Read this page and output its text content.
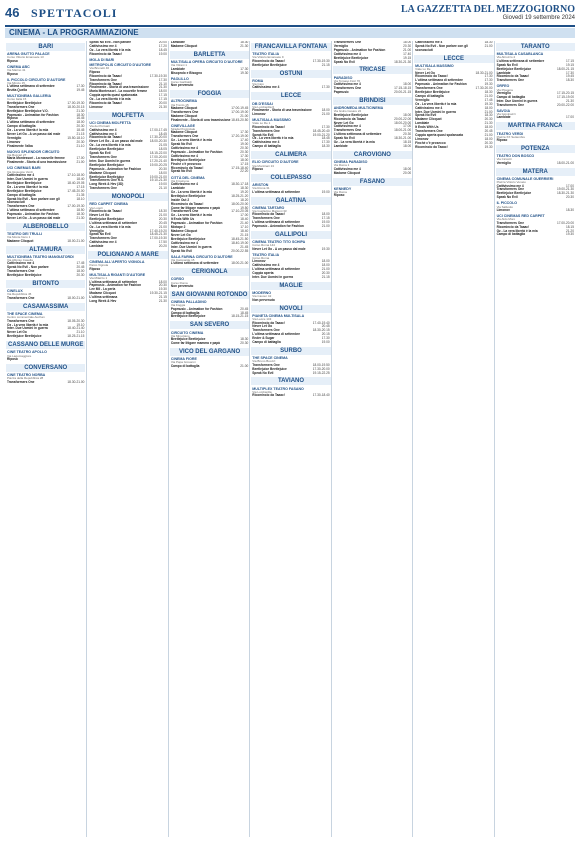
46 SPETTACOLI	LA GAZZETTA DEL MEZZOGIORNO
Giovedì 19 settembre 2024
CINEMA - LA PROGRAMMAZIONE
BARI
ARENA GIUTTO PALACE
Corso Vittorio Emanuele 13
Riposo
CINEMA ABC
Via Marino 41
Riposo
IL PICCOLO CIRCUITO D'AUTORE
Via Mincio 15
L'ultima settimana di settembre	17.30
Brutta Quella	19.45
MULTICINEMA GALLERIA
Corso Italia 15
Beetlejuice Beetlejuice	17.00-19.30
Transformers One	18.00-20.15
Beetlejuice Beetlejuice V.O.	21.30
Papmusic - Animation for Fashion	18.30
Riposo	16.45
L'ultima settimana di settembre	18.00
Campo di battaglia	20.30
Oz - La vera libertà è la mia	18.45
Never Let Go - A un passo dal male	21.15
Vermiglio	15.50-18.10
Limonov	20.30
Finalmente l'alba	21.10
NUOVO SPLENDOR CIRCUITO
Via Buccari 27
Maria Montessori - La nouvelle femme	17.00
Finalmente - Storia di una trasmissione	21.00
UCI CINEMAS BARI
Via Giuseppe Verdi
Cattivissimo me 4	17.10-18.00
Inter. Due Uomini in guerra	18.40
Beetlejuice Beetlejuice	18.40-19.05
Oz - La vera libertà è la mia	17.15
Beetlejuice Beetlejuice	17.45-20.00
Campo di battaglia	21.35
Speak No Evil - Non parlare con gli sconosciuti
18.10
Transformers One	17.00-19.30
L'ultima settimana di settembre	18.50
Papmusic - Animation for Fashion	18.30
Never Let Go - A un passo dal male	21.30
ALBEROBELLO
TEATRO DEI TRULLI
Via Monte Nero 1
Madame Clicquot	18.00-21.00
ALTAMURA
MULTICINEMA TEATRO MANGIATORDI
Via Alfonso Casella
Cattivissimo me 4	17.45
Speak No Evil - Non parlare	20.45
Transformers One	18.00
Beetlejuice Beetlejuice	20.30
BITONTO
CINELUX
Via Repubblica 45
Transformers One	18.00-21.00
CASAMASSIMA
THE SPACE CINEMA
Centro commerciale Auchan
Transformers One	18.05-20.30
Oz - La vera libertà è la mia	19.10
Inter. Due Uomini in guerra	18.40-21.40
Never Let Go	21.10
Beetlejuice Beetlejuice	18.25-21.15
CASSANO DELLE MURGE
CINE TEATRO APOLLO
Via Lagomaggiore
Riposo
CONVERSANO
CINE TEATRO NORBA
Piazza della Repubblica 28
Transformers One	18.30-21.00
Speak No Evil - Non parlare	20.00
Cattivissimo me 4	17.20
Oz - La vera libertà è la mia	18.45
Ricomincio da Taaac!	19.00
MOLA DI BARI
METROPOLIS CIRCUITO D'AUTORE
Via Brunetti 46
Riposo
Ricomincio da Taaac!	17.30-19.30
Transformers One	17.30
Ricomincio da Taaac!	21.10
Finalmente - Storia di una trasmissione	21.30
Maria Montessori - La nouvelle femme	18.00
Coppia aperta quasi spalancata	17.15
Oz - La vera libertà è la mia	17.15
Ricomincio da Taaac!	20.00
Limonov	21.30
MOLFETTA
UCI CINEMA MOLFETTA
Via dei Portuali
Cattivissimo me 4	17.00-17.45
Cattivissimo me 4	18.45
Ricomincio da Taaac!	17.30-20.00
Never Let Go - A un passo dal male 18.00-20.30
Oz - La vera libertà è la mia	21.05
Beetlejuice Beetlejuice	18.05
Speak No Evil	18.15-22.00
Transformers One	17.00-20.00
Inter. Due Uomini in guerra	17.20-21.40
Beetlejuice Beetlejuice	19.00-20.25
Papmusic - Animation for Fashion	20.30
Madame Clicquot	18.00
Beetlejuice Beetlejuice	19.00-21.00
Transformers One R.S.	19.10-21.30
Long Week & Hev (3D)	19.00
Transformers One	21.10
MONOPOLI
RED CARPET CINEMA
Via Lupoli
Ricomincio da Taaac!	18.30
Never Let Go	21.00
Beetlejuice Beetlejuice	20.30
L'ultima settimana di settembre	20.45
Oz - La vera libertà è la mia	21.00
Vermiglio	17.40-19.20
Speak No Evil	18.45-21.30
Transformers One	17.00-19.30
Cattivissimo me 4	17.50
Lambiate	20.20
POLIGNANO A MARE
CINEMA ALL'APERTO VIGNOLA
Parco Vignola
Riposo
MULTISALA RIGANTI D'AUTORE
Via Milazzo 1
L'ultima settimana di settembre	18.00
Papmusic - Animation for Fashion	20.30
Lee Mil - La perla	19.30
Madame Clicquot	19.30-21.15
L'ultima settimana	21.15
Long Week & Hev	21.30
Lambiate	18.30
Madame Clicquot	21.30
BARLETTA
MULTISALA OPERA CIRCUITO D'AUTORE
Via Vitrani 1
Lambiate	17.30
Bisoprolo e Bisogno	19.30
PAOLILLO
Corso Garibaldi
Non pervenuto
FOGGIA
ALTROCINEMA
Via Trento 15
Madame Clicquot	17.00-19.45
Transformers One	17.00-19.00
Madame Clicquot	21.00
Finalmente - Storia di una trasmissione 18.45-20.50
CINEVILLAGE
Strada Provinciale
Madame Clicquot	17.30
Transformers One	17.20-19.00
Oz - La vera libertà è la mia	17.40
Speak No Evil	19.00
Cattivissimo me 4	20.30
Papmusic - Animation for Fashion	20.30
Cattivissimo me 4	17.30
Beetlejuice Beetlejuice	18.00
Finché c'è prosecco	17.15
Ricomincio da Taaac!	17.15-18.40
Speak No Evil	22.20
CITTÀ DEL CINEMA
Via Frosinone
Cattivissimo me 4	18.30-17.18
Lambiate	18.30
Oz - La vera libertà è la mia	19.20
Beetlejuice Beetlejuice	18.25-21.20
Inside Out 2	18.20
Ricomincio da Taaac!	18.00-20.00
Come far litigare mamma e papà	19.50
Transformers One	17.10-20.05
Oz - La vera libertà è la mia	17.00
It Ends With Us	18.40
Papmusic - Animation for Fashion	21.40
Mixtape 2	17.10
Madame Clicquot	18.40
Never Let Go	21.15
Beetlejuice Beetlejuice	18.45-21.50
Cattivissimo me 4	18.40-19.00
Inter. Due Uomini in guerra	21.45
Speak No Evil	20.00-22.55
SALA FARINA CIRCUITO D'AUTORE
Via Campanile 15
L'ultima settimana di settembre	18.00-21.00
CERIGNOLA
CORSO
Corso Roma
Non pervenuto
SAN GIOVANNI ROTONDO
CINEMA PALLADINO
Via Foggia
Papmusic - Animation for Fashion	20.45
Campo di battaglia	18.45
Beetlejuice Beetlejuice	18.15-21.15
SAN SEVERO
CIRCUITO CINEMA
Via Minuziano
Beetlejuice Beetlejuice	18.30
Come far litigare mamma e papà	20.30
VICO DEL GARGANO
CINEMA FIORE
Via Papa Giovanni
Campo di battaglia	21.00
FRANCAVILLA FONTANA
TEATRO ITALIA
Via Vittorio Emanuele 9
Ricomincio da Taaac!	17.30-19.30
Beetlejuice Beetlejuice	21.15
OSTUNI
ROMA
Via Caro
Cattivissimo me 4	17.30
LECCE
DB D'ESSAI
Via Lombardia 6
Finalmente - Storia di una trasmissione	18.00
Limonov	21.00
MULTISALA MASSIMO
Viale Lo Re 1
Ricomincio da Taaac!	17.30
Transformers One	18.45-20.40
Speak No Evil	19.00-21.20
Oz - La vera libertà è la mia	18.45
Cattivissimo me 4	17.30
Campo di battaglia	18.30
CALIMERA
ELIO CIRCUITO D'AUTORE
Via Montinari 13
Riposo
COLLEPASSO
ARISTON
Via Roma 31
L'ultima settimana di settembre	19.00
GALATINA
CINEMA TARTARO
Via Guglielmo Marconi 33
Ricomincio da Taaac!	18.00
Transformers One	17.15
L'ultima settimana di settembre	19.00
Papmusic - Animation for Fashion	21.00
GALLIPOLI
CINEMA TEATRO TITO SCHIPA
Corso Roma 144
Never Let Go - A un passo dal male	19.30
TEATRO ITALIA
Corso Roma
Limonov	18.00
Cattivissimo me 4	18.00
L'ultima settimana di settembre	21.00
Coppia aperta	20.30
Inter. Due Uomini in guerra	21.15
MAGLIE
MODERNO
Via Cavour 42
Non pervenuto
NOVOLI
PIANETA CINEMA MULTISALA
Via Lecce 143
Ricomincio da Taaac!	17.40-19.40
Never Let Go	20.45
Transformers One	18.30-20.15
L'ultima settimana di settembre	20.15
Ender & Sugar	17.30
Campo di battaglia	19.00
SURBO
THE SPACE CINEMA
Via Bruno Buozzi
Transformers One	18.00-19.50
Beetlejuice Beetlejuice	17.30-20.00
Speak No Evil	19.15-22.25
TAVIANO
MULTIPLEX TEATRO FASANO
Via Lombardia
Ricomincio da Taaac!	17.30-18.40
Transformers One	18.00
Vermiglio	20.30
Papmusic - Animation for Fashion	21.00
Cattivissimo me 4	17.40
Beetlejuice Beetlejuice	19.15
Speak No Evil	18.30-21.30
TRICASE
PARADISO
Via Tomaso Fiori 70
Cattivissimo me 4	18.00
Transformers One	17.15-18.15
Papmusic	20.00-21.15
BRINDISI
ANDROMEDA MULTICINEMA
Via Giulio Cesare 22
Beetlejuice Beetlejuice	18.00
Ricomincio da Taaac!	20.00-22.00
Never Let Go	18.00-20.00
Cattivissimo me 4	17.00
Transformers One	18.00-21.00
L'ultima settimana di settembre	20.30
Speak No Evil	18.30-21.00
Oz - La vera libertà è la mia	18.15
Lambiate	18.00
CAROVIGNO
CINEMA PARADISO
Via Roma 1
Cattivissimo me 4	18.00
Madame Clicquot	20.00
FASANO
KENNEDY
Via Roma
Riposo
Cattivissimo me 4	18.30
Speak No Evil - Non parlare con gli sconosciuti
21.00
LECCE
MULTISALA MASSIMO
Viale Lo Re
Never Let Go	18.30-21.00
Ricomincio da Taaac!	17.30
L'ultima settimana di settembre	17.30
Papmusic - Animation for Fashion	19.30
Transformers One	17.30-20.00
Beetlejuice Beetlejuice	18.30
Campo di battaglia	21.00
Vermiglio	17.45
Oz - La vera libertà è la mia	19.30
Cattivissimo me 4	18.00
Inter. Due Uomini in guerra	21.00
Speak No Evil	18.30
Madame Clicquot	20.30
Lambiate	21.30
It Ends With Us	18.00
Transformers One	20.45
Coppia aperta quasi spalancata	21.00
Limonov	18.00
Finché c'è prosecco	20.30
Ricomincio da Taaac!	19.30
TARANTO
MULTISALA CASABLANCA
Via Abruzzo 4
L'ultima settimana di settembre	17.15
Speak No Evil	19.15
Beetlejuice Beetlejuice	18.00-21.15
Lambiate	17.30
Ricomincio da Taaac!	19.45
Transformers One	18.30
ORFEO
Via Pitagora
Vermiglio	17.15-20.15
Campo di battaglia	17.15-19.00
Inter. Due Uomini in guerra	21.30
Transformers One	20.00-22.00
SAVOIA
Via Giovinazzi
Lambiate	17.00
MARTINA FRANCA
TEATRO VERDI
Piazza XX Settembre
Riposo
POTENZA
TEATRO DON BOSCO
Via Ciccotti
Vermiglio	18.00-21.00
MATERA
CINEMA COMUNALE GUERRIERI
Piazza Vittorio Veneto
Cattivissimo me 4	17.00
Transformers One	19.00-21.30
Beetlejuice Beetlejuice	18.30-21.30
Speak No Evil	20.30
IL PICCOLO
Via Sallustio
Limonov	18.30
UCI CINEMAS RED CARPET
Via Aldo Moro
Transformers One	17.00-20.00
Ricomincio da Taaac!	18.15
Oz - La vera libertà è la mia	21.20
Campo di battaglia	19.30
